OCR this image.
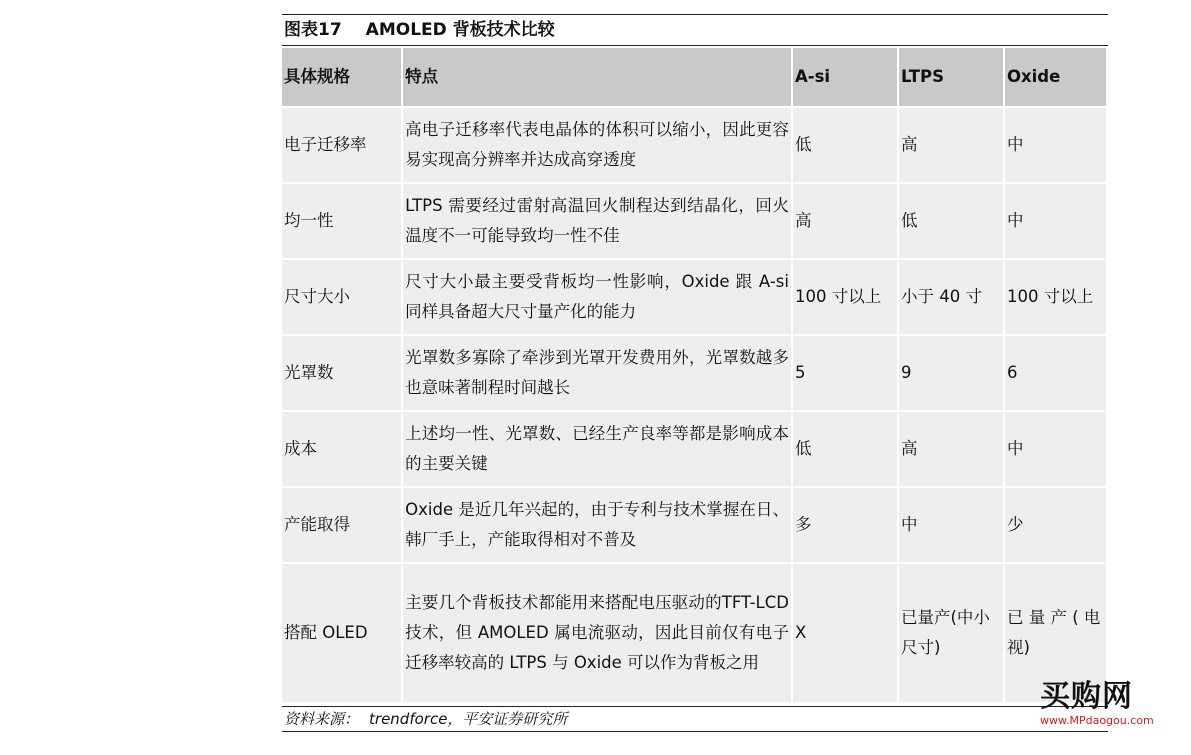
图表17 AMOLED 背板技术比较
具体规格	特点	A-si	LTPS	Oxide
电子迁移率	高电子迁移率代表电晶体的体积可以缩小，因此更容易实现高分辨率并达成高穿透度	低	高	中
均一性	LTPS 需要经过雷射高温回火制程达到结晶化，回火温度不一可能导致均一性不佳	高	低	中
尺寸大小	尺寸大小最主要受背板均一性影响，Oxide 跟 A-si 同样具备超大尺寸量产化的能力	100 寸以上	小于 40 寸	100 寸以上
光罩数	光罩数多寡除了牵涉到光罩开发费用外，光罩数越多也意味著制程时间越长	5	9	6
成本	上述均一性、光罩数、已经生产良率等都是影响成本的主要关键	低	高	中
产能取得	Oxide 是近几年兴起的，由于专利与技术掌握在日、韩厂手上，产能取得相对不普及	多	中	少
搭配 OLED	主要几个背板技术都能用来搭配电压驱动的TFT-LCD 技术，但 AMOLED 属电流驱动，因此目前仅有电子迁移率较高的 LTPS 与 Oxide 可以作为背板之用	X	已量产(中小尺寸)	已 量 产 ( 电视)
资料来源： trendforce，平安证券研究所
买购网
www.MPdaogou.com
